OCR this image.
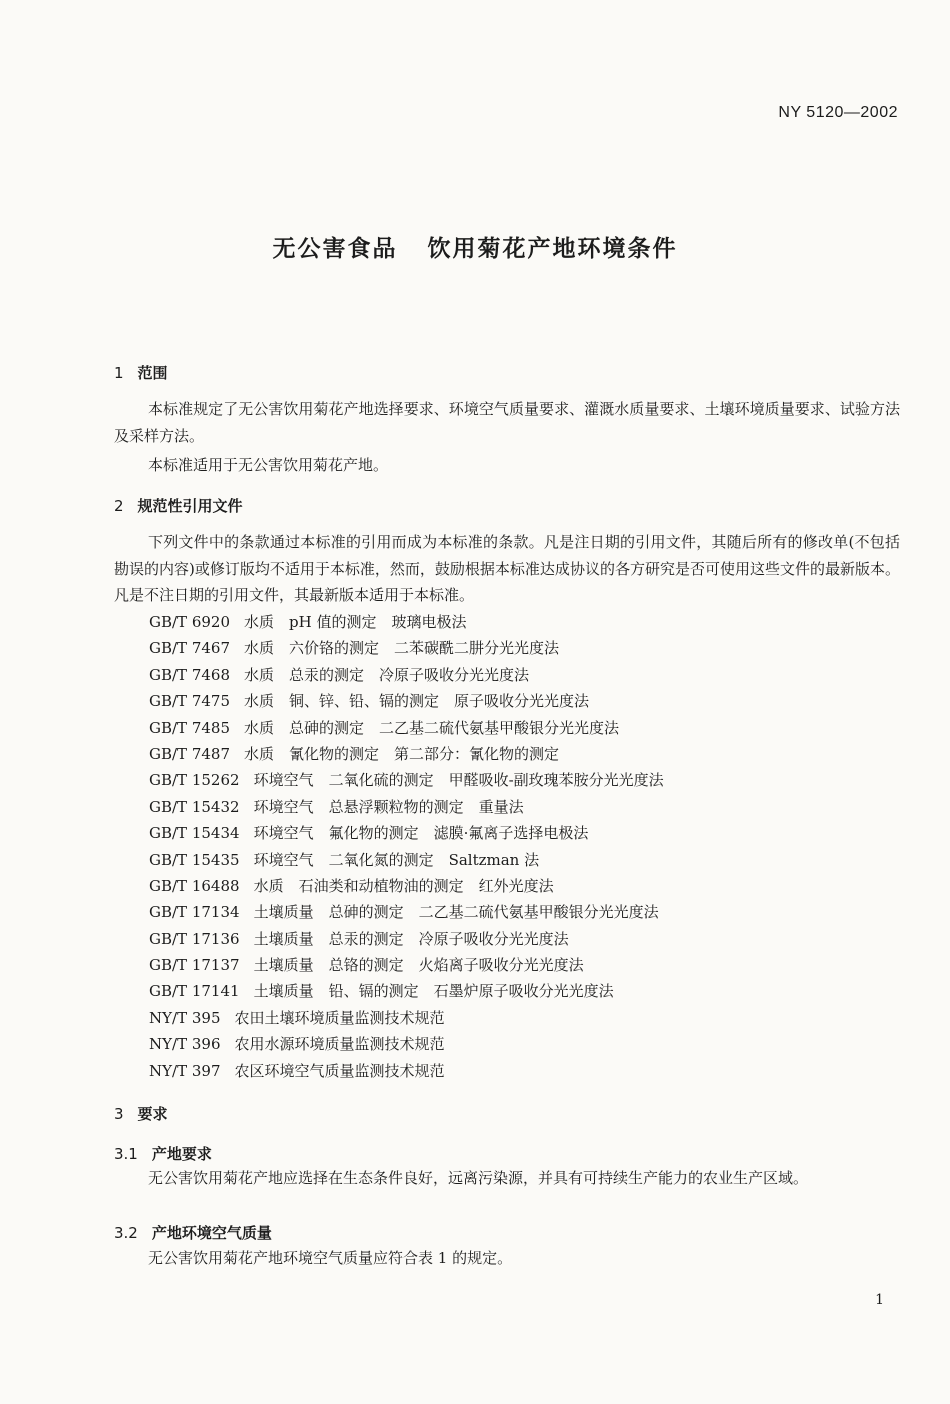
NY 5120—2002
无公害食品 饮用菊花产地环境条件
1 范围
本标准规定了无公害饮用菊花产地选择要求、环境空气质量要求、灌溉水质量要求、土壤环境质量要求、试验方法及采样方法。
本标准适用于无公害饮用菊花产地。
2 规范性引用文件
下列文件中的条款通过本标准的引用而成为本标准的条款。凡是注日期的引用文件，其随后所有的修改单(不包括勘误的内容)或修订版均不适用于本标准，然而，鼓励根据本标准达成协议的各方研究是否可使用这些文件的最新版本。凡是不注日期的引用文件，其最新版本适用于本标准。
GB/T 6920 水质　pH 值的测定　玻璃电极法
GB/T 7467 水质　六价铬的测定　二苯碳酰二肼分光光度法
GB/T 7468 水质　总汞的测定　冷原子吸收分光光度法
GB/T 7475 水质　铜、锌、铅、镉的测定　原子吸收分光光度法
GB/T 7485 水质　总砷的测定　二乙基二硫代氨基甲酸银分光光度法
GB/T 7487 水质　氰化物的测定　第二部分：氰化物的测定
GB/T 15262 环境空气　二氧化硫的测定　甲醛吸收-副玫瑰苯胺分光光度法
GB/T 15432 环境空气　总悬浮颗粒物的测定　重量法
GB/T 15434 环境空气　氟化物的测定　滤膜·氟离子选择电极法
GB/T 15435 环境空气　二氧化氮的测定　Saltzman 法
GB/T 16488 水质　石油类和动植物油的测定　红外光度法
GB/T 17134 土壤质量　总砷的测定　二乙基二硫代氨基甲酸银分光光度法
GB/T 17136 土壤质量　总汞的测定　冷原子吸收分光光度法
GB/T 17137 土壤质量　总铬的测定　火焰离子吸收分光光度法
GB/T 17141 土壤质量　铅、镉的测定　石墨炉原子吸收分光光度法
NY/T 395 农田土壤环境质量监测技术规范
NY/T 396 农用水源环境质量监测技术规范
NY/T 397 农区环境空气质量监测技术规范
3 要求
3.1 产地要求
无公害饮用菊花产地应选择在生态条件良好，远离污染源，并具有可持续生产能力的农业生产区域。
3.2 产地环境空气质量
无公害饮用菊花产地环境空气质量应符合表 1 的规定。
1
